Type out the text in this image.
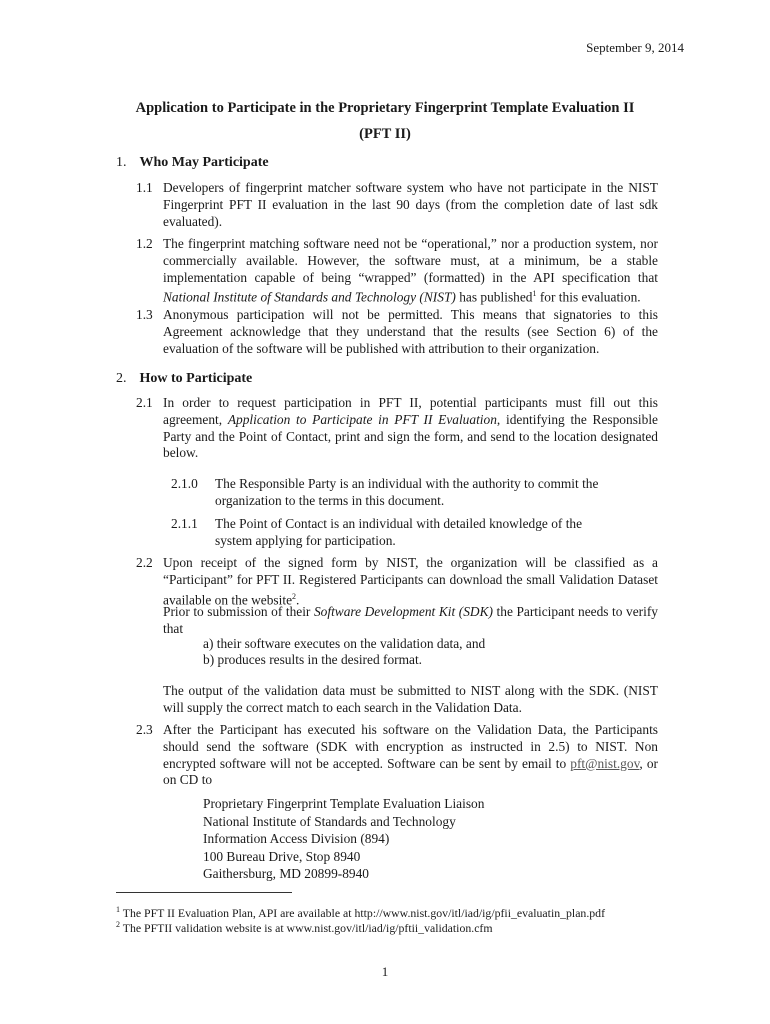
September 9, 2014
Application to Participate in the Proprietary Fingerprint Template Evaluation II
(PFT II)
1. Who May Participate
1.1 Developers of fingerprint matcher software system who have not participate in the NIST Fingerprint PFT II evaluation in the last 90 days (from the completion date of last sdk evaluated).
1.2 The fingerprint matching software need not be “operational,” nor a production system, nor commercially available. However, the software must, at a minimum, be a stable implementation capable of being “wrapped” (formatted) in the API specification that National Institute of Standards and Technology (NIST) has published$^1$ for this evaluation.
1.3 Anonymous participation will not be permitted. This means that signatories to this Agreement acknowledge that they understand that the results (see Section 6) of the evaluation of the software will be published with attribution to their organization.
2. How to Participate
2.1 In order to request participation in PFT II, potential participants must fill out this agreement, Application to Participate in PFT II Evaluation, identifying the Responsible Party and the Point of Contact, print and sign the form, and send to the location designated below.
2.1.0 The Responsible Party is an individual with the authority to commit the organization to the terms in this document.
2.1.1 The Point of Contact is an individual with detailed knowledge of the system applying for participation.
2.2 Upon receipt of the signed form by NIST, the organization will be classified as a “Participant” for PFT II. Registered Participants can download the small Validation Dataset available on the website$^2$.
Prior to submission of their Software Development Kit (SDK) the Participant needs to verify that
a) their software executes on the validation data, and
b) produces results in the desired format.
The output of the validation data must be submitted to NIST along with the SDK. (NIST will supply the correct match to each search in the Validation Data.
2.3 After the Participant has executed his software on the Validation Data, the Participants should send the software (SDK with encryption as instructed in 2.5) to NIST. Non encrypted software will not be accepted. Software can be sent by email to pft@nist.gov, or on CD to
Proprietary Fingerprint Template Evaluation Liaison
National Institute of Standards and Technology
Information Access Division (894)
100 Bureau Drive, Stop 8940
Gaithersburg, MD 20899-8940
$^1$ The PFT II Evaluation Plan, API are available at http://www.nist.gov/itl/iad/ig/pfii_evaluatin_plan.pdf
$^2$ The PFTII validation website is at www.nist.gov/itl/iad/ig/pftii_validation.cfm
1
